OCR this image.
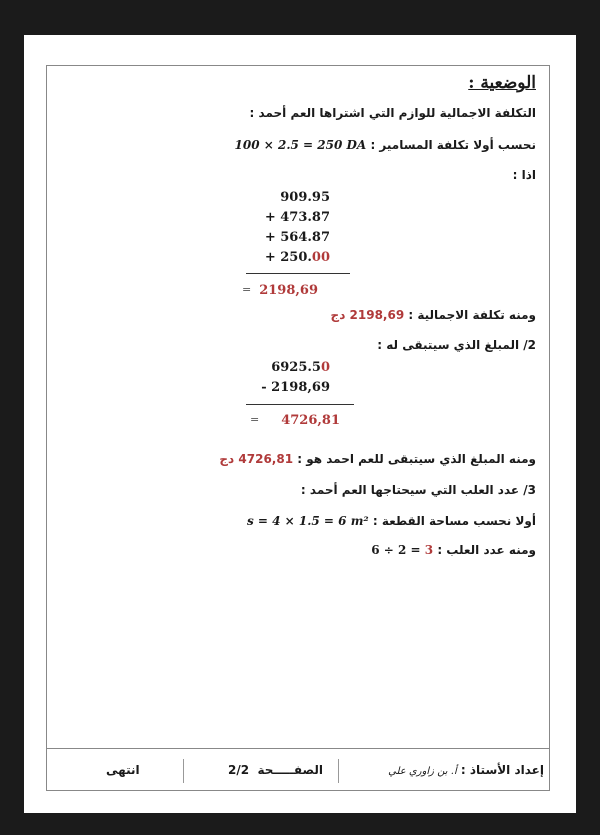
الوضعية :
التكلفة الاجمالية للوازم التي اشتراها العم أحمد :
نحسب أولا تكلفة المسامير : 100 × 2.5 = 250 DA
اذا :
909.95
+ 473.87
+ 564.87
+ 250.00
= 2198,69
ومنه تكلفة الاجمالية : 2198,69 دج
2/ المبلغ الذي سيتبقى له :
6925.50
- 2198,69
=	4726,81
ومنه المبلغ الذي سيتبقى للعم احمد هو : 4726,81 دج
3/ عدد العلب التي سيحتاجها العم أحمد :
أولا نحسب مساحة القطعة : s = 4 × 1.5 = 6 m²
ومنه عدد العلب : 6 ÷ 2 = 3
إعداد الأستاذ : أ. بن زاوري علي
الصفـــــحة  2/2
انتهى
